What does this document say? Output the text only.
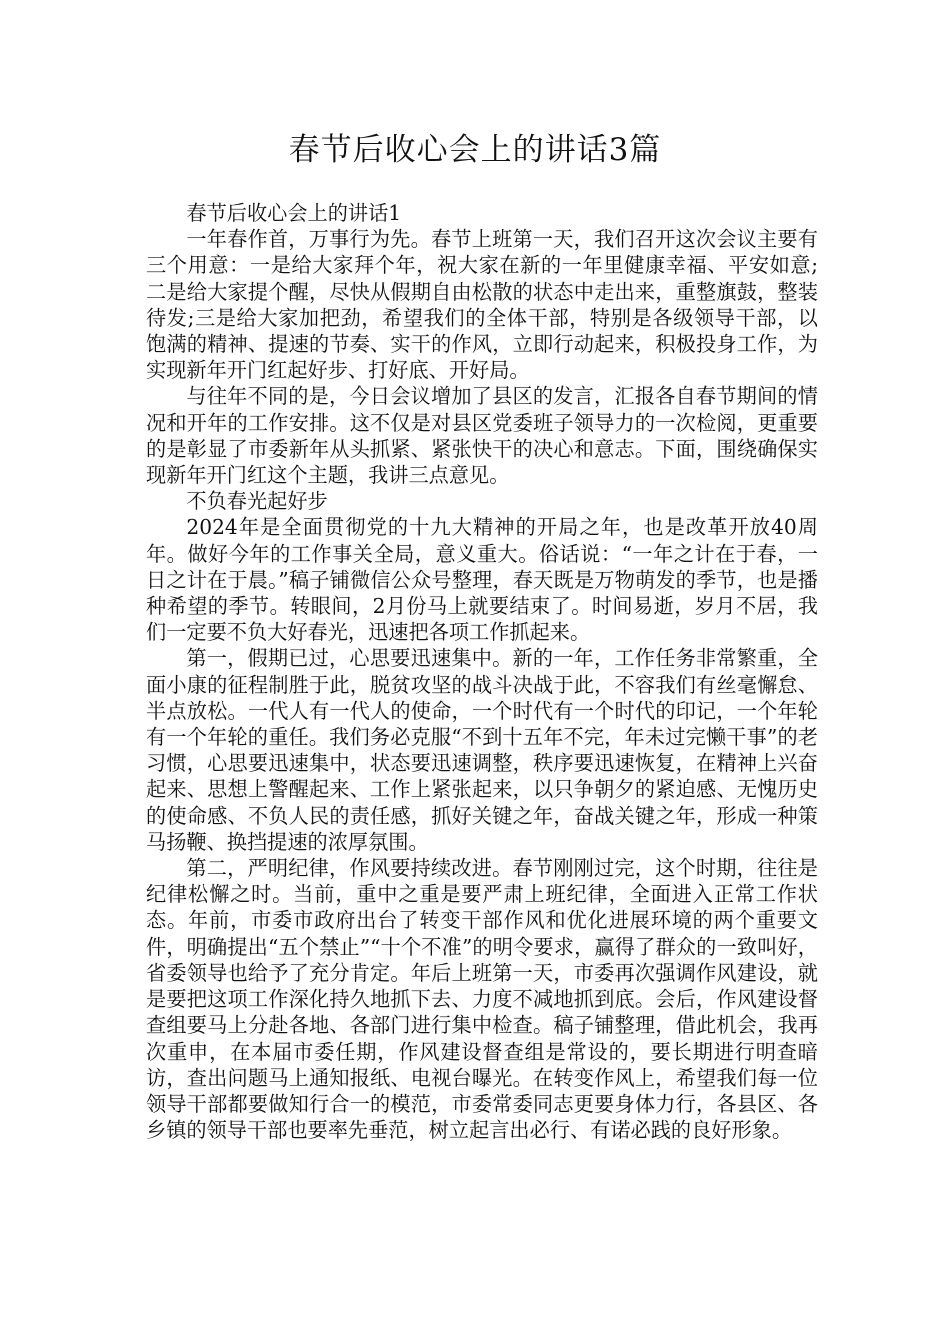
春节后收心会上的讲话3篇

春节后收心会上的讲话1

一年春作首，万事行为先。春节上班第一天，我们召开这次会议主要有三个用意：一是给大家拜个年，祝大家在新的一年里健康幸福、平安如意;二是给大家提个醒，尽快从假期自由松散的状态中走出来，重整旗鼓，整装待发;三是给大家加把劲，希望我们的全体干部，特别是各级领导干部，以饱满的精神、提速的节奏、实干的作风，立即行动起来，积极投身工作，为实现新年开门红起好步、打好底、开好局。

与往年不同的是，今日会议增加了县区的发言，汇报各自春节期间的情况和开年的工作安排。这不仅是对县区党委班子领导力的一次检阅，更重要的是彰显了市委新年从头抓紧、紧张快干的决心和意志。下面，围绕确保实现新年开门红这个主题，我讲三点意见。

不负春光起好步

2024年是全面贯彻党的十九大精神的开局之年，也是改革开放40周年。做好今年的工作事关全局，意义重大。俗话说：“一年之计在于春，一日之计在于晨。”稿子铺微信公众号整理，春天既是万物萌发的季节，也是播种希望的季节。转眼间，2月份马上就要结束了。时间易逝，岁月不居，我们一定要不负大好春光，迅速把各项工作抓起来。

第一，假期已过，心思要迅速集中。新的一年，工作任务非常繁重，全面小康的征程制胜于此，脱贫攻坚的战斗决战于此，不容我们有丝毫懈怠、半点放松。一代人有一代人的使命，一个时代有一个时代的印记，一个年轮有一个年轮的重任。我们务必克服“不到十五年不完，年未过完懒干事”的老习惯，心思要迅速集中，状态要迅速调整，秩序要迅速恢复，在精神上兴奋起来、思想上警醒起来、工作上紧张起来，以只争朝夕的紧迫感、无愧历史的使命感、不负人民的责任感，抓好关键之年，奋战关键之年，形成一种策马扬鞭、换挡提速的浓厚氛围。

第二，严明纪律，作风要持续改进。春节刚刚过完，这个时期，往往是纪律松懈之时。当前，重中之重是要严肃上班纪律，全面进入正常工作状态。年前，市委市政府出台了转变干部作风和优化进展环境的两个重要文件，明确提出“五个禁止”“十个不准”的明令要求，赢得了群众的一致叫好，省委领导也给予了充分肯定。年后上班第一天，市委再次强调作风建设，就是要把这项工作深化持久地抓下去、力度不减地抓到底。会后，作风建设督查组要马上分赴各地、各部门进行集中检查。稿子铺整理，借此机会，我再次重申，在本届市委任期，作风建设督查组是常设的，要长期进行明查暗访，查出问题马上通知报纸、电视台曝光。在转变作风上，希望我们每一位领导干部都要做知行合一的模范，市委常委同志更要身体力行，各县区、各乡镇的领导干部也要率先垂范，树立起言出必行、有诺必践的良好形象。
